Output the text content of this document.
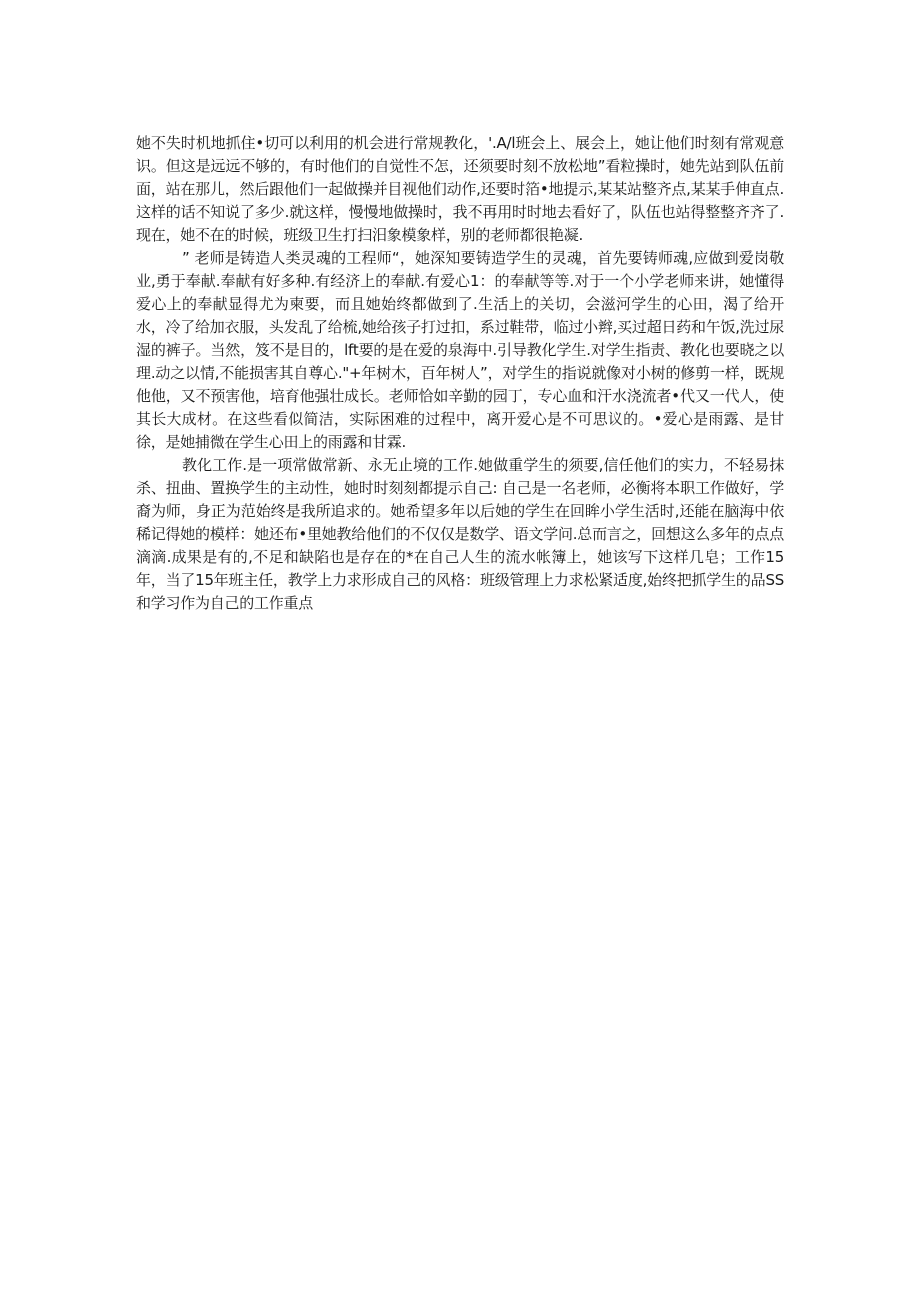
她不失时机地抓住•切可以利用的机会进行常规教化，'.A/l班会上、展会上，她让他们时刻有常观意识。但这是远远不够的，有时他们的自觉性不怎，还须要时刻不放松地”看粒操时，她先站到队伍前面，站在那儿，然后跟他们一起做操并目视他们动作,还要时箔•地提示,某某站整齐点,某某手伸直点.这样的话不知说了多少.就这样，慢慢地做操时，我不再用时时地去看好了，队伍也站得整整齐齐了.现在，她不在的时候，班级卫生打扫汨象模象样，别的老师都很艳凝.

” 老师是铸造人类灵魂的工程师“，她深知要铸造学生的灵魂，首先要铸师魂,应做到爱岗敬业,勇于奉献.奉献有好多种.有经济上的奉献.有爱心1：的奉献等等.对于一个小学老师来讲，她懂得爱心上的奉献显得尤为柬要，而且她始终都做到了.生活上的关切，会滋河学生的心田，渴了给开水，冷了给加衣服，头发乱了给梳,她给孩子打过扣，系过鞋带，临过小辫,买过超日药和午饭,洗过尿湿的裤子。当然，笈不是目的，lft要的是在爱的泉海中.引导教化学生.对学生指责、教化也要晓之以理.动之以情,不能损害其自尊心."+年树木，百年树人”，对学生的指说就像对小树的修剪一样，既规他他，又不预害他，培育他强壮成长。老师恰如辛勤的园丁，专心血和汗水浇流者•代又一代人，使其长大成材。在这些看似简洁，实际困难的过程中，离开爱心是不可思议的。•爱心是雨露、是甘徐，是她捕微在学生心田上的雨露和甘霖.

教化工作.是一项常做常新、永无止境的工作.她做重学生的须要,信任他们的实力，不轻易抹杀、扭曲、置换学生的主动性，她时时刻刻都提示自己: 自己是一名老师，必衡将本职工作做好，学裔为师，身正为范始终是我所追求的。她希望多年以后她的学生在回眸小学生活时,还能在脑海中依稀记得她的模样：她还布•里她教给他们的不仅仅是数学、语文学问.总而言之，回想这么多年的点点滴滴.成果是有的,不足和缺陷也是存在的*在自己人生的流水帐簿上，她该写下这样几皂；工作15年，当了15年班主任，教学上力求形成自己的风格：班级管理上力求松紧适度,始终把抓学生的品SS和学习作为自己的工作重点
